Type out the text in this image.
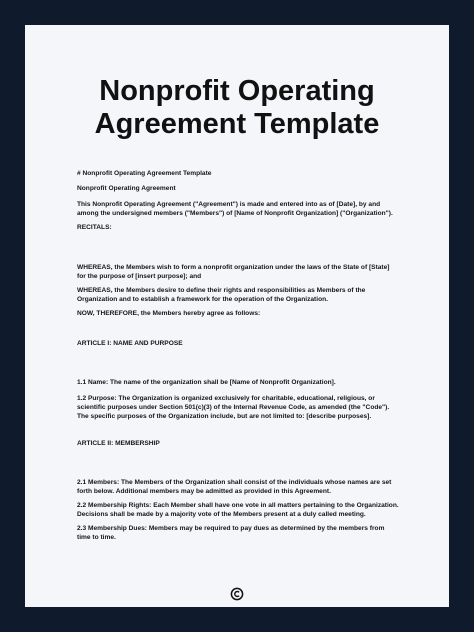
Nonprofit Operating
Agreement Template

# Nonprofit Operating Agreement Template

Nonprofit Operating Agreement

This Nonprofit Operating Agreement ("Agreement") is made and entered into as of [Date], by and among the undersigned members ("Members") of [Name of Nonprofit Organization] ("Organization").

RECITALS:

WHEREAS, the Members wish to form a nonprofit organization under the laws of the State of [State] for the purpose of [insert purpose]; and

WHEREAS, the Members desire to define their rights and responsibilities as Members of the Organization and to establish a framework for the operation of the Organization.

NOW, THEREFORE, the Members hereby agree as follows:

ARTICLE I: NAME AND PURPOSE

1.1 Name: The name of the organization shall be [Name of Nonprofit Organization].

1.2 Purpose: The Organization is organized exclusively for charitable, educational, religious, or scientific purposes under Section 501(c)(3) of the Internal Revenue Code, as amended (the "Code"). The specific purposes of the Organization include, but are not limited to: [describe purposes].

ARTICLE II: MEMBERSHIP

2.1 Members: The Members of the Organization shall consist of the individuals whose names are set forth below. Additional members may be admitted as provided in this Agreement.

2.2 Membership Rights: Each Member shall have one vote in all matters pertaining to the Organization. Decisions shall be made by a majority vote of the Members present at a duly called meeting.

2.3 Membership Dues: Members may be required to pay dues as determined by the members from time to time.
